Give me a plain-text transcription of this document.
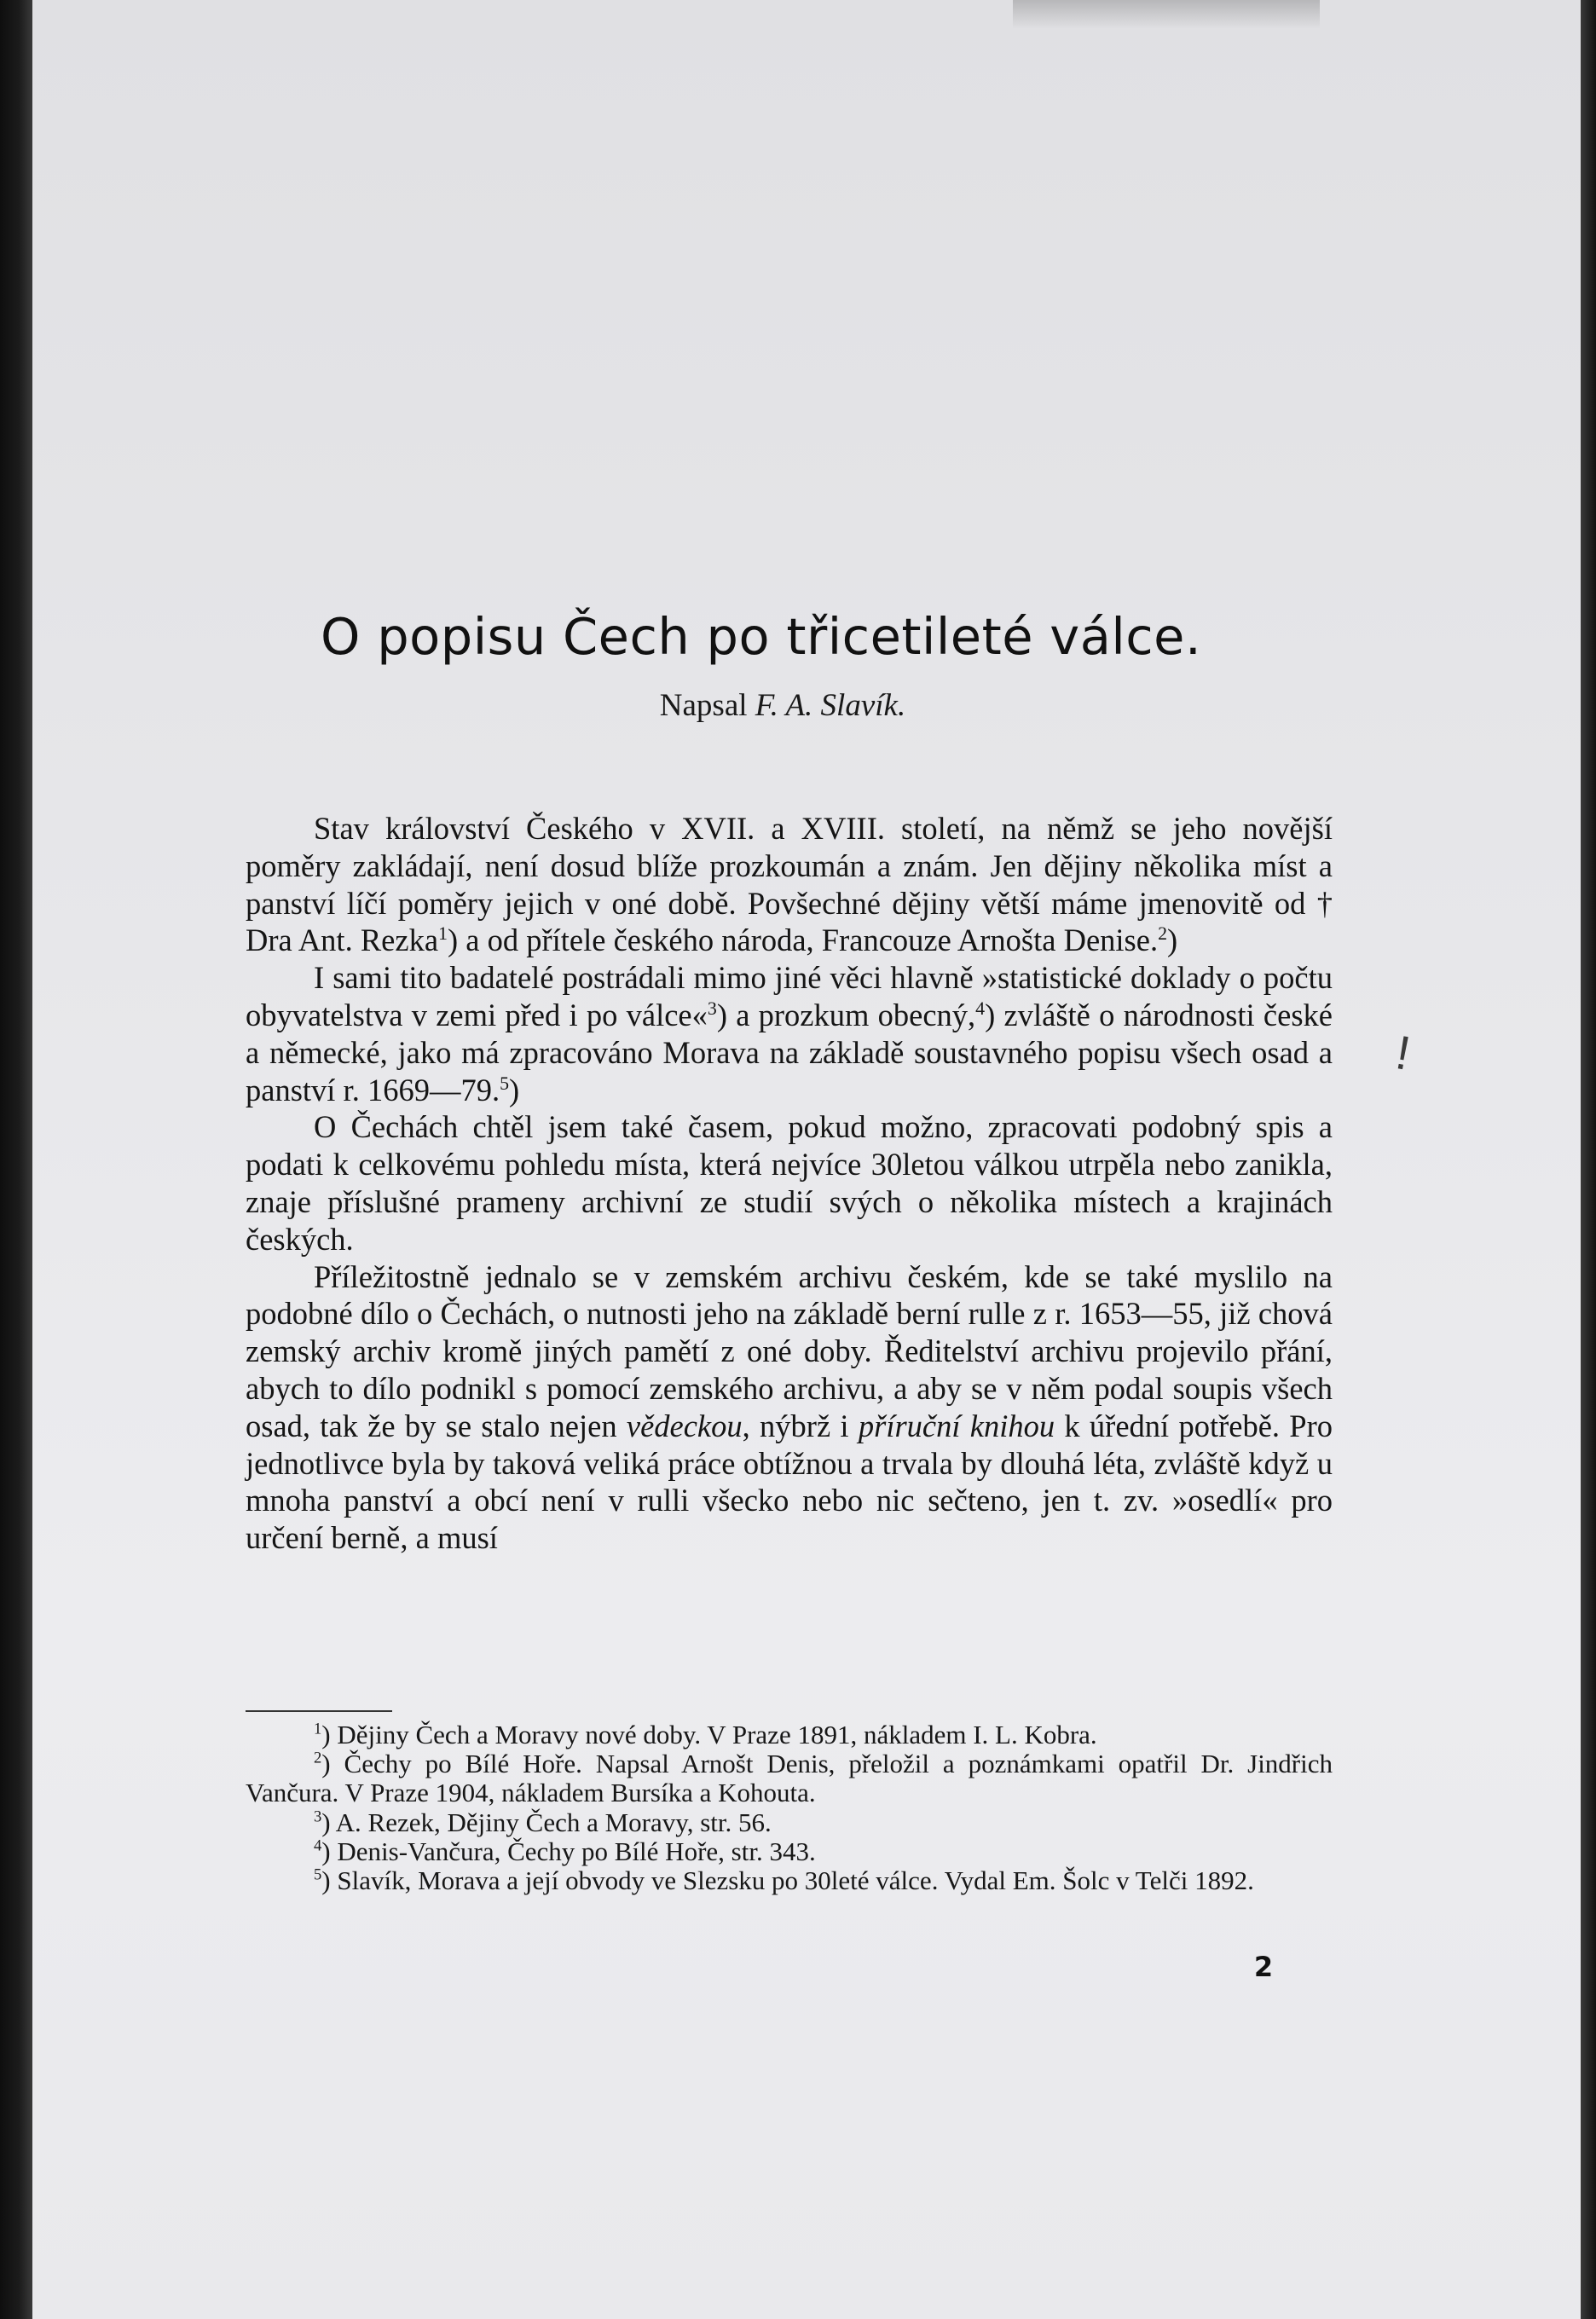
O popisu Čech po třicetileté válce.
Napsal F. A. Slavík.

Stav království Českého v XVII. a XVIII. století, na němž se jeho novější poměry zakládají, není dosud blíže prozkoumán a znám. Jen dějiny několika míst a panství líčí poměry jejich v oné době. Povšechné dějiny větší máme jmenovitě od † Dra Ant. Rezka$^1$) a od přítele českého národa, Francouze Arnošta Denise.$^2$)

I sami tito badatelé postrádali mimo jiné věci hlavně »statistické doklady o počtu obyvatelstva v zemi před i po válce«$^3$) a prozkum obecný,$^4$) zvláště o národnosti české a německé, jako má zpracováno Morava na základě soustavného popisu všech osad a panství r. 1669—79.$^5$)

O Čechách chtěl jsem také časem, pokud možno, zpracovati podobný spis a podati k celkovému pohledu místa, která nejvíce 30letou válkou utrpěla nebo zanikla, znaje příslušné prameny archivní ze studií svých o několika místech a krajinách českých.

Příležitostně jednalo se v zemském archivu českém, kde se také myslilo na podobné dílo o Čechách, o nutnosti jeho na základě berní rulle z r. 1653—55, již chová zemský archiv kromě jiných pamětí z oné doby. Ředitelství archivu projevilo přání, abych to dílo podnikl s pomocí zemského archivu, a aby se v něm podal soupis všech osad, tak že by se stalo nejen vědeckou, nýbrž i příruční knihou k úřední potřebě. Pro jednotlivce byla by taková veliká práce obtížnou a trvala by dlouhá léta, zvláště když u mnoha panství a obcí není v rulli všecko nebo nic sečteno, jen t. zv. »osedlí« pro určení berně, a musí

$^1$) Dějiny Čech a Moravy nové doby. V Praze 1891, nákladem I. L. Kobra.

$^2$) Čechy po Bílé Hoře. Napsal Arnošt Denis, přeložil a poznámkami opatřil Dr. Jindřich Vančura. V Praze 1904, nákladem Bursíka a Kohouta.

$^3$) A. Rezek, Dějiny Čech a Moravy, str. 56.

$^4$) Denis-Vančura, Čechy po Bílé Hoře, str. 343.

$^5$) Slavík, Morava a její obvody ve Slezsku po 30leté válce. Vydal Em. Šolc v Telči 1892.

2
!
